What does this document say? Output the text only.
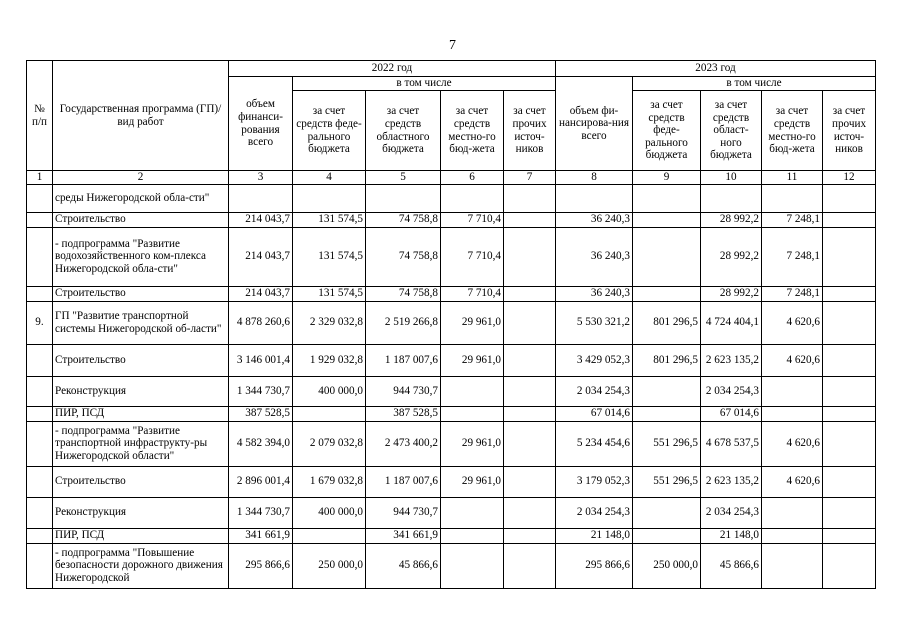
7
№ п/п	Государственная программа (ГП)/ вид работ	2022 год					2023 год				
		объем финанси-рования всего	в том числе				объем фи-нансирова-ния всего	в том числе			
			за счет средств феде-рального бюджета	за счет средств областного бюджета	за счет средств местно-го бюд-жета	за счет прочих источ-ников		за счет средств феде-рального бюджета	за счет средств област-ного бюджета	за счет средств местно-го бюд-жета	за счет прочих источ-ников
1	2	3	4	5	6	7	8	9	10	11	12
	среды Нижегородской обла-сти"										
	Строительство	214 043,7	131 574,5	74 758,8	7 710,4		36 240,3		28 992,2	7 248,1	
	- подпрограмма "Развитие водохозяйственного ком-плекса Нижегородской обла-сти"	214 043,7	131 574,5	74 758,8	7 710,4		36 240,3		28 992,2	7 248,1	
	Строительство	214 043,7	131 574,5	74 758,8	7 710,4		36 240,3		28 992,2	7 248,1	
9.	ГП "Развитие транспортной системы Нижегородской об-ласти"	4 878 260,6	2 329 032,8	2 519 266,8	29 961,0		5 530 321,2	801 296,5	4 724 404,1	4 620,6	
	Строительство	3 146 001,4	1 929 032,8	1 187 007,6	29 961,0		3 429 052,3	801 296,5	2 623 135,2	4 620,6	
	Реконструкция	1 344 730,7	400 000,0	944 730,7			2 034 254,3		2 034 254,3		
	ПИР, ПСД	387 528,5		387 528,5			67 014,6		67 014,6		
	- подпрограмма "Развитие транспортной инфраструкту-ры Нижегородской области"	4 582 394,0	2 079 032,8	2 473 400,2	29 961,0		5 234 454,6	551 296,5	4 678 537,5	4 620,6	
	Строительство	2 896 001,4	1 679 032,8	1 187 007,6	29 961,0		3 179 052,3	551 296,5	2 623 135,2	4 620,6	
	Реконструкция	1 344 730,7	400 000,0	944 730,7			2 034 254,3		2 034 254,3		
	ПИР, ПСД	341 661,9		341 661,9			21 148,0		21 148,0		
	- подпрограмма "Повышение безопасности дорожного движения Нижегородской	295 866,6	250 000,0	45 866,6			295 866,6	250 000,0	45 866,6		
